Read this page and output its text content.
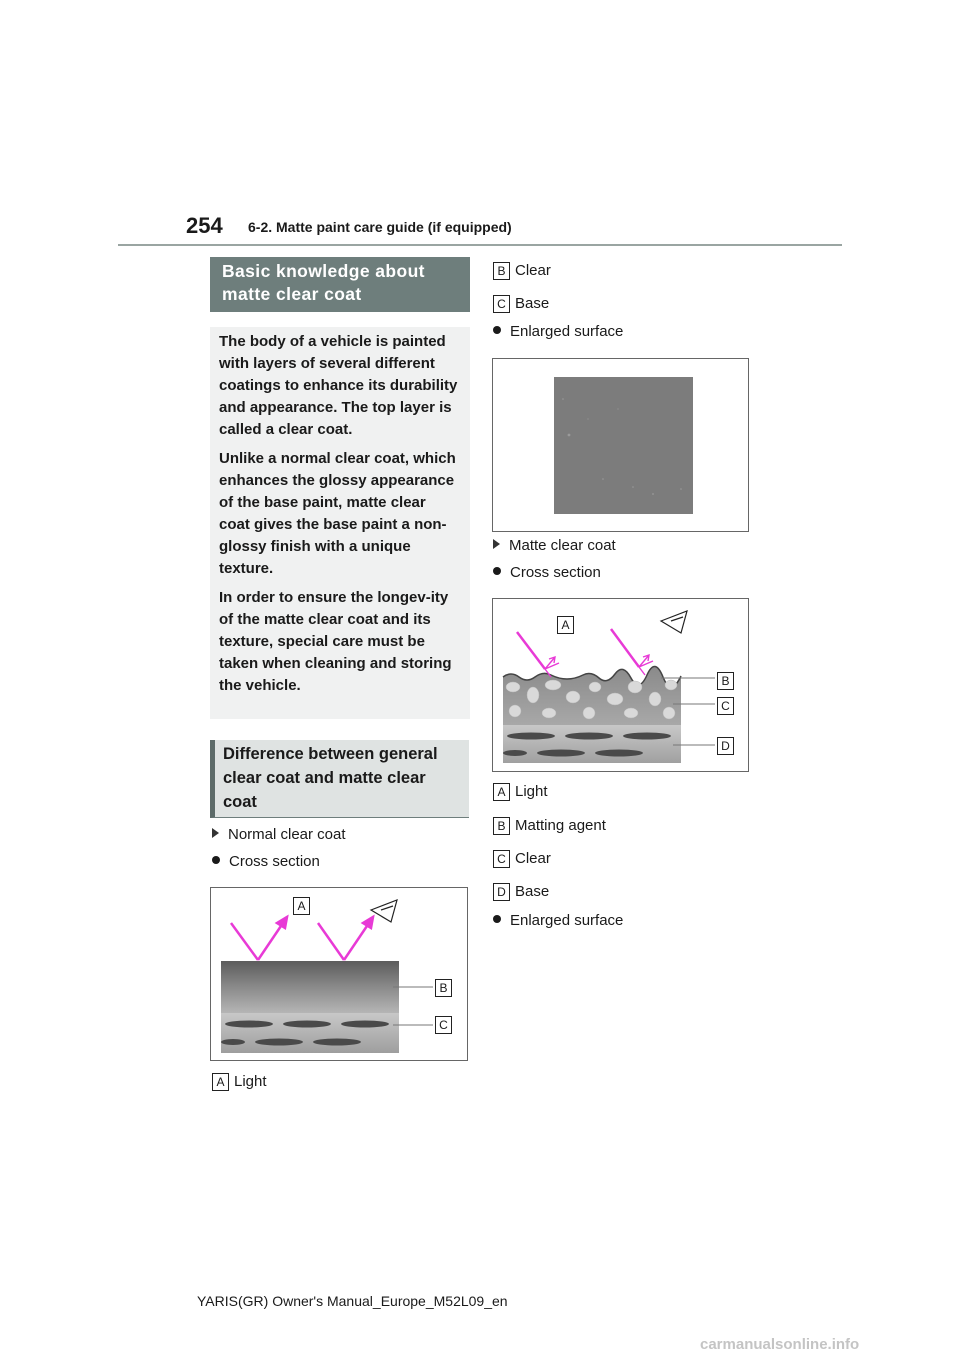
254 6-2. Matte paint care guide (if equipped)
Basic knowledge about matte clear coat

The body of a vehicle is painted with layers of several different coatings to enhance its durability and appearance. The top layer is called a clear coat.

Unlike a normal clear coat, which enhances the glossy appearance of the base paint, matte clear coat gives the base paint a non-glossy finish with a unique texture.

In order to ensure the longev-ity of the matte clear coat and its texture, special care must be taken when cleaning and storing the vehicle.

Difference between general clear coat and matte clear coat
Normal clear coat
Cross section
A
B
C
A Light
B Clear
C Base
Enlarged surface
Matte clear coat
Cross section
A
B
C
D
A Light
B Matting agent
C Clear
D Base
Enlarged surface
YARIS(GR) Owner's Manual_Europe_M52L09_en
carmanualsonline.info
